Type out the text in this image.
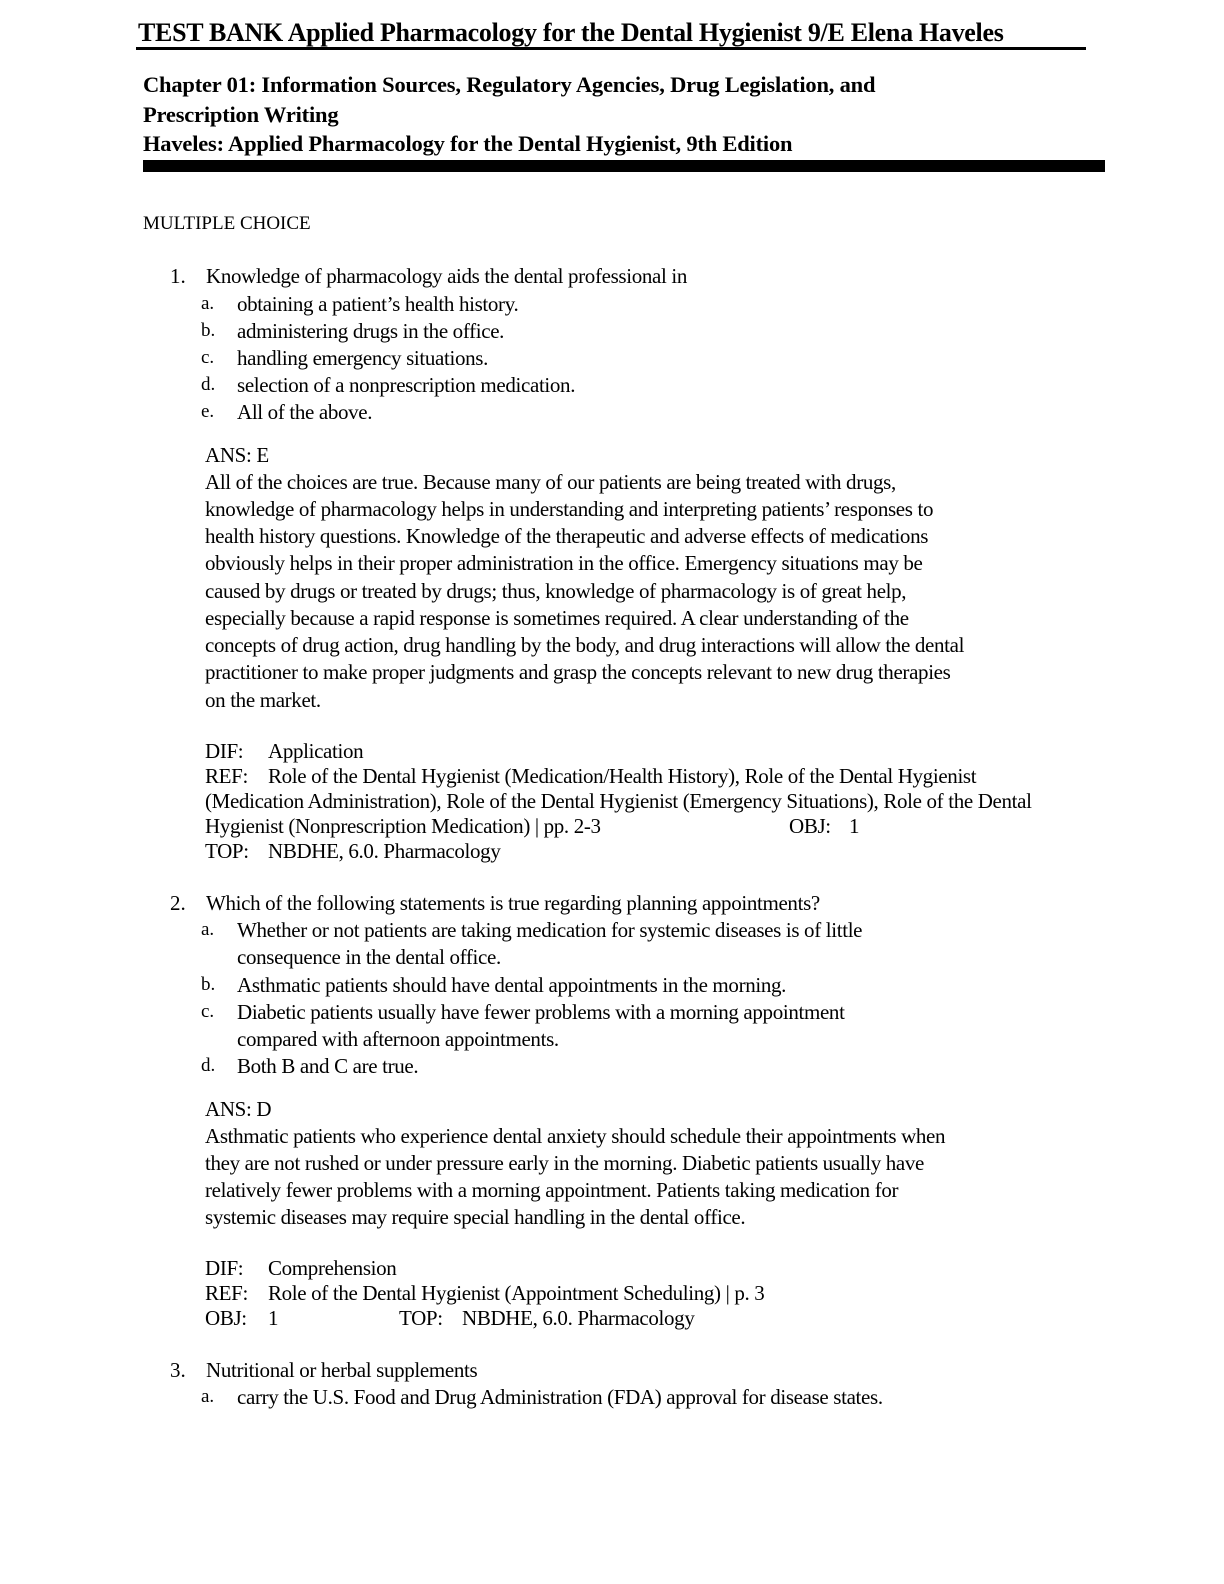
TEST BANK Applied Pharmacology for the Dental Hygienist 9/E Elena Haveles
Chapter 01: Information Sources, Regulatory Agencies, Drug Legislation, and
Prescription Writing
Haveles: Applied Pharmacology for the Dental Hygienist, 9th Edition
MULTIPLE CHOICE
1. Knowledge of pharmacology aids the dental professional in
a. obtaining a patient’s health history.
b. administering drugs in the office.
c. handling emergency situations.
d. selection of a nonprescription medication.
e. All of the above.
ANS: E
All of the choices are true. Because many of our patients are being treated with drugs,
knowledge of pharmacology helps in understanding and interpreting patients’ responses to
health history questions. Knowledge of the therapeutic and adverse effects of medications
obviously helps in their proper administration in the office. Emergency situations may be
caused by drugs or treated by drugs; thus, knowledge of pharmacology is of great help,
especially because a rapid response is sometimes required. A clear understanding of the
concepts of drug action, drug handling by the body, and drug interactions will allow the dental
practitioner to make proper judgments and grasp the concepts relevant to new drug therapies
on the market.
DIF: Application
REF: Role of the Dental Hygienist (Medication/Health History), Role of the Dental Hygienist
(Medication Administration), Role of the Dental Hygienist (Emergency Situations), Role of the Dental
Hygienist (Nonprescription Medication) | pp. 2-3	OBJ: 1
TOP: NBDHE, 6.0. Pharmacology
2. Which of the following statements is true regarding planning appointments?
a. Whether or not patients are taking medication for systemic diseases is of little
consequence in the dental office.
b. Asthmatic patients should have dental appointments in the morning.
c. Diabetic patients usually have fewer problems with a morning appointment
compared with afternoon appointments.
d. Both B and C are true.
ANS: D
Asthmatic patients who experience dental anxiety should schedule their appointments when
they are not rushed or under pressure early in the morning. Diabetic patients usually have
relatively fewer problems with a morning appointment. Patients taking medication for
systemic diseases may require special handling in the dental office.
DIF: Comprehension
REF: Role of the Dental Hygienist (Appointment Scheduling) | p. 3
OBJ: 1	TOP: NBDHE, 6.0. Pharmacology
3. Nutritional or herbal supplements
a. carry the U.S. Food and Drug Administration (FDA) approval for disease states.
